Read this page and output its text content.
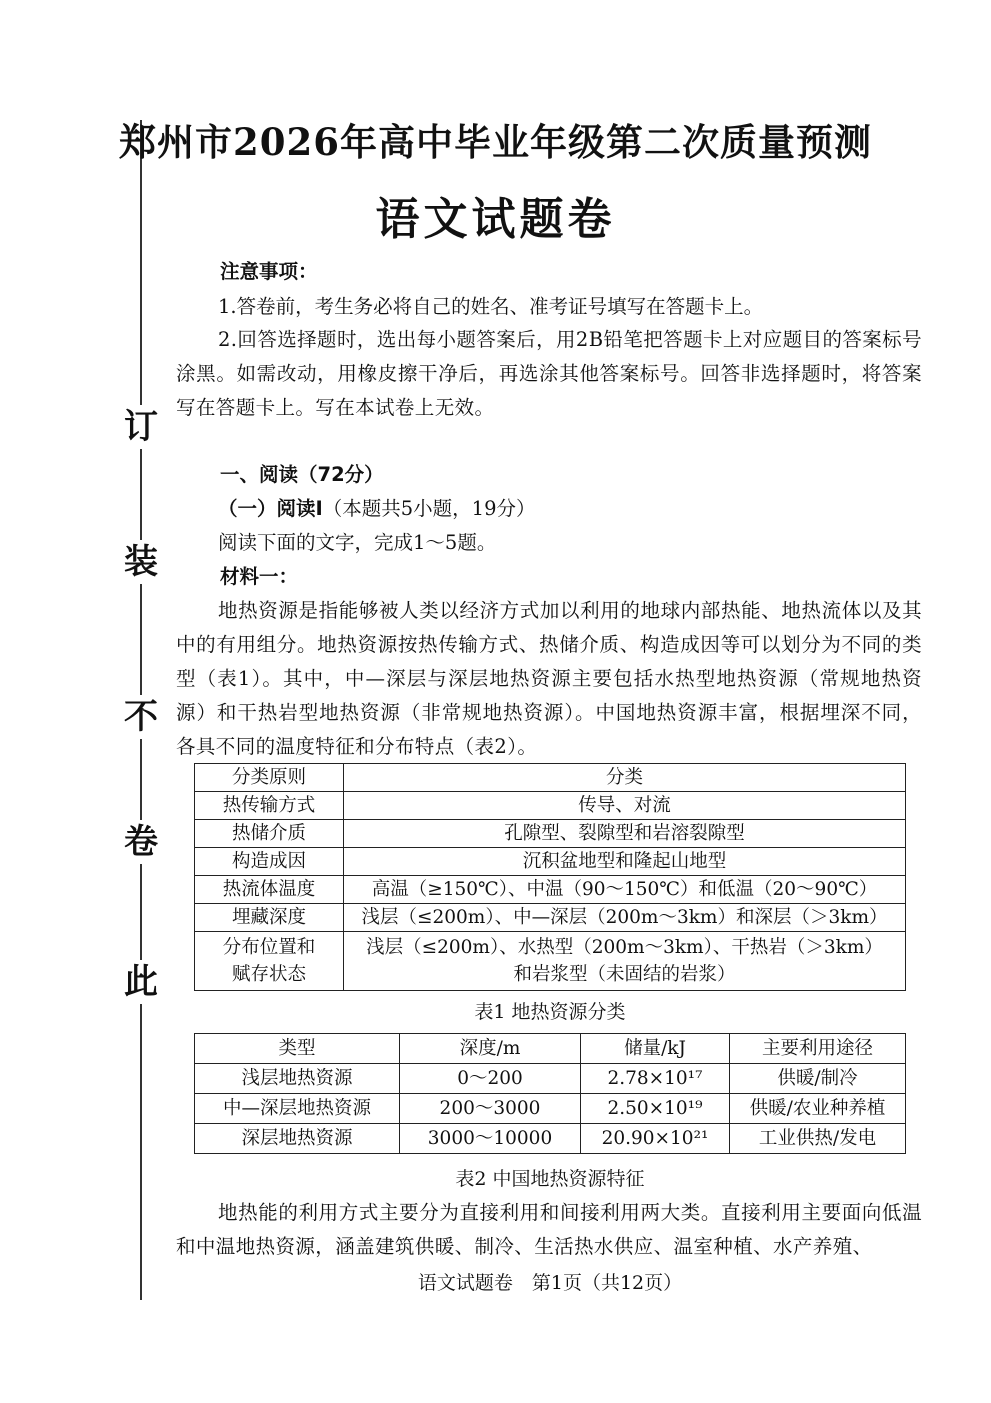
此
卷
不
装
订
郑州市2026年高中毕业年级第二次质量预测
语文试题卷
注意事项：
1.答卷前，考生务必将自己的姓名、准考证号填写在答题卡上。
2.回答选择题时，选出每小题答案后，用2B铅笔把答题卡上对应题目的答案标号涂黑。如需改动，用橡皮擦干净后，再选涂其他答案标号。回答非选择题时，将答案写在答题卡上。写在本试卷上无效。
一、阅读（72分）
（一）阅读Ⅰ（本题共5小题，19分）
阅读下面的文字，完成1～5题。
材料一：
地热资源是指能够被人类以经济方式加以利用的地球内部热能、地热流体以及其中的有用组分。地热资源按热传输方式、热储介质、构造成因等可以划分为不同的类型（表1）。其中，中—深层与深层地热资源主要包括水热型地热资源（常规地热资源）和干热岩型地热资源（非常规地热资源）。中国地热资源丰富，根据埋深不同，各具不同的温度特征和分布特点（表2）。
分类原则	分类
热传输方式	传导、对流
热储介质	孔隙型、裂隙型和岩溶裂隙型
构造成因	沉积盆地型和隆起山地型
热流体温度	高温（≥150℃）、中温（90～150℃）和低温（20～90℃）
埋藏深度	浅层（≤200m）、中—深层（200m～3km）和深层（＞3km）
分布位置和赋存状态	浅层（≤200m）、水热型（200m～3km）、干热岩（＞3km）和岩浆型（未固结的岩浆）
表1 地热资源分类
类型	深度/m	储量/kJ	主要利用途径
浅层地热资源	0～200	2.78×10¹⁷	供暖/制冷
中—深层地热资源	200～3000	2.50×10¹⁹	供暖/农业种养植
深层地热资源	3000～10000	20.90×10²¹	工业供热/发电
表2 中国地热资源特征
地热能的利用方式主要分为直接利用和间接利用两大类。直接利用主要面向低温和中温地热资源，涵盖建筑供暖、制冷、生活热水供应、温室种植、水产养殖、
语文试题卷　第1页（共12页）
